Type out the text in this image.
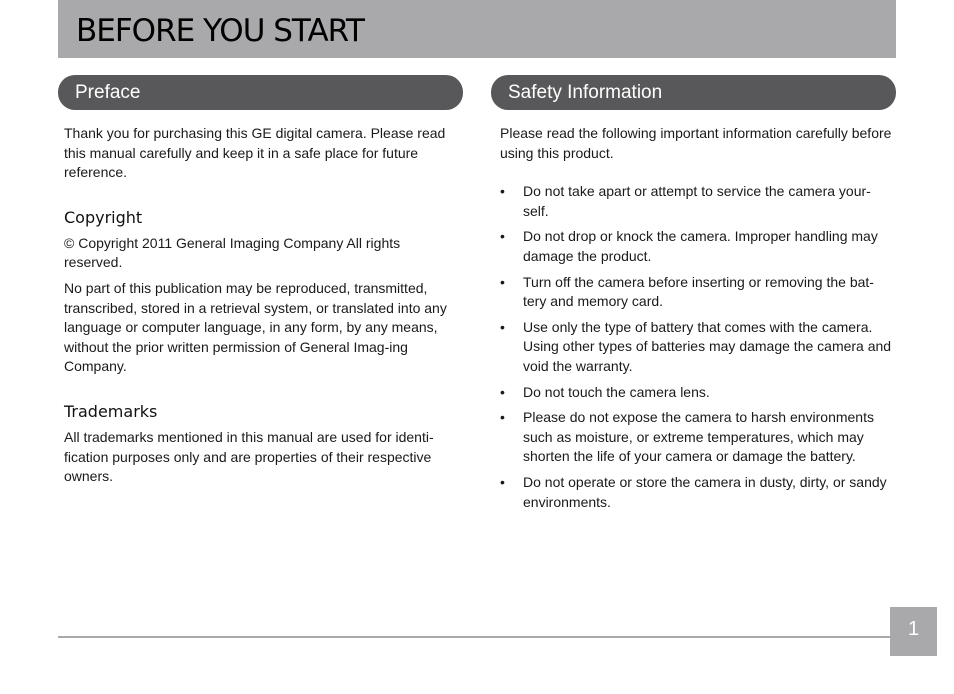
BEFORE YOU START
Preface	Safety Information

Thank you for purchasing this GE digital camera. Please read this manual carefully and keep it in a safe place for future reference.

Copyright

© Copyright 2011 General Imaging Company All rights reserved.

No part of this publication may be reproduced, transmitted, transcribed, stored in a retrieval system, or translated into any language or computer language, in any form, by any means, without the prior written permission of General Imag-ing Company.

Trademarks

All trademarks mentioned in this manual are used for identi-fication purposes only and are properties of their respective owners.

Please read the following important information carefully before using this product.

• Do not take apart or attempt to service the camera your-self.
• Do not drop or knock the camera. Improper handling may damage the product.
• Turn off the camera before inserting or removing the bat-tery and memory card.
• Use only the type of battery that comes with the camera. Using other types of batteries may damage the camera and void the warranty.
• Do not touch the camera lens.
• Please do not expose the camera to harsh environments such as moisture, or extreme temperatures, which may shorten the life of your camera or damage the battery.
• Do not operate or store the camera in dusty, dirty, or sandy environments.
1
